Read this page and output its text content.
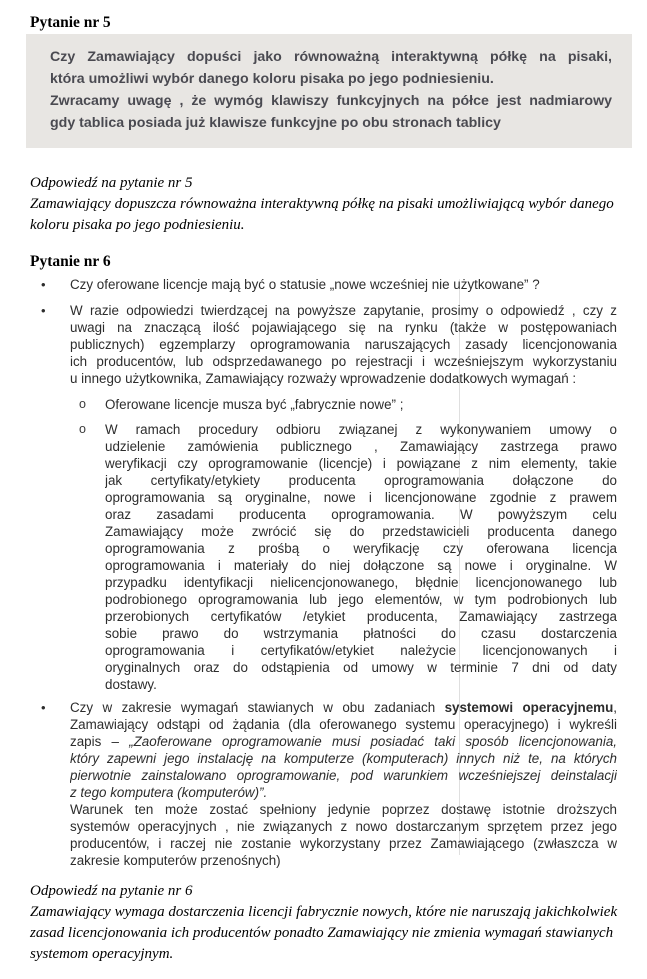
Pytanie nr 5
Czy Zamawiający dopuści jako równoważną interaktywną półkę na pisaki,
która umożliwi wybór danego koloru pisaka po jego podniesieniu.
Zwracamy uwagę , że wymóg klawiszy funkcyjnych na półce jest nadmiarowy
gdy tablica posiada już klawisze funkcyjne po obu stronach tablicy
Odpowiedź na pytanie nr 5
Zamawiający dopuszcza równoważna interaktywną półkę na pisaki umożliwiającą wybór danego
koloru pisaka po jego podniesieniu.
Pytanie nr 6
• Czy oferowane licencje mają być o statusie „nowe wcześniej nie użytkowane” ?
• W razie odpowiedzi twierdzącej na powyższe zapytanie, prosimy o odpowiedź , czy z
uwagi na znaczącą ilość pojawiającego się na rynku (także w postępowaniach
publicznych) egzemplarzy oprogramowania naruszających zasady licencjonowania
ich producentów, lub odsprzedawanego po rejestracji i wcześniejszym wykorzystaniu
u innego użytkownika, Zamawiający rozważy wprowadzenie dodatkowych wymagań :
o Oferowane licencje musza być „fabrycznie nowe” ;
o W ramach procedury odbioru związanej z wykonywaniem umowy o
udzielenie zamówienia publicznego , Zamawiający zastrzega prawo
weryfikacji czy oprogramowanie (licencje) i powiązane z nim elementy, takie
jak certyfikaty/etykiety producenta oprogramowania dołączone do
oprogramowania są oryginalne, nowe i licencjonowane zgodnie z prawem
oraz zasadami producenta oprogramowania. W powyższym celu
Zamawiający może zwrócić się do przedstawicieli producenta danego
oprogramowania z prośbą o weryfikację czy oferowana licencja
oprogramowania i materiały do niej dołączone są nowe i oryginalne. W
przypadku identyfikacji nielicencjonowanego, błędnie licencjonowanego lub
podrobionego oprogramowania lub jego elementów, w tym podrobionych lub
przerobionych certyfikatów /etykiet producenta, Zamawiający zastrzega
sobie prawo do wstrzymania płatności do czasu dostarczenia
oprogramowania i certyfikatów/etykiet należycie licencjonowanych i
oryginalnych oraz do odstąpienia od umowy w terminie 7 dni od daty
dostawy.
• Czy w zakresie wymagań stawianych w obu zadaniach systemowi operacyjnemu,
Zamawiający odstąpi od żądania (dla oferowanego systemu operacyjnego) i wykreśli
zapis – „Zaoferowane oprogramowanie musi posiadać taki sposób licencjonowania,
który zapewni jego instalację na komputerze (komputerach) innych niż te, na których
pierwotnie zainstalowano oprogramowanie, pod warunkiem wcześniejszej deinstalacji
z tego komputera (komputerów)”.
Warunek ten może zostać spełniony jedynie poprzez dostawę istotnie droższych
systemów operacyjnych , nie związanych z nowo dostarczanym sprzętem przez jego
producentów, i raczej nie zostanie wykorzystany przez Zamawiającego (zwłaszcza w
zakresie komputerów przenośnych)
Odpowiedź na pytanie nr 6
Zamawiający wymaga dostarczenia licencji fabrycznie nowych, które nie naruszają jakichkolwiek
zasad licencjonowania ich producentów ponadto Zamawiający nie zmienia wymagań stawianych
systemom operacyjnym.
